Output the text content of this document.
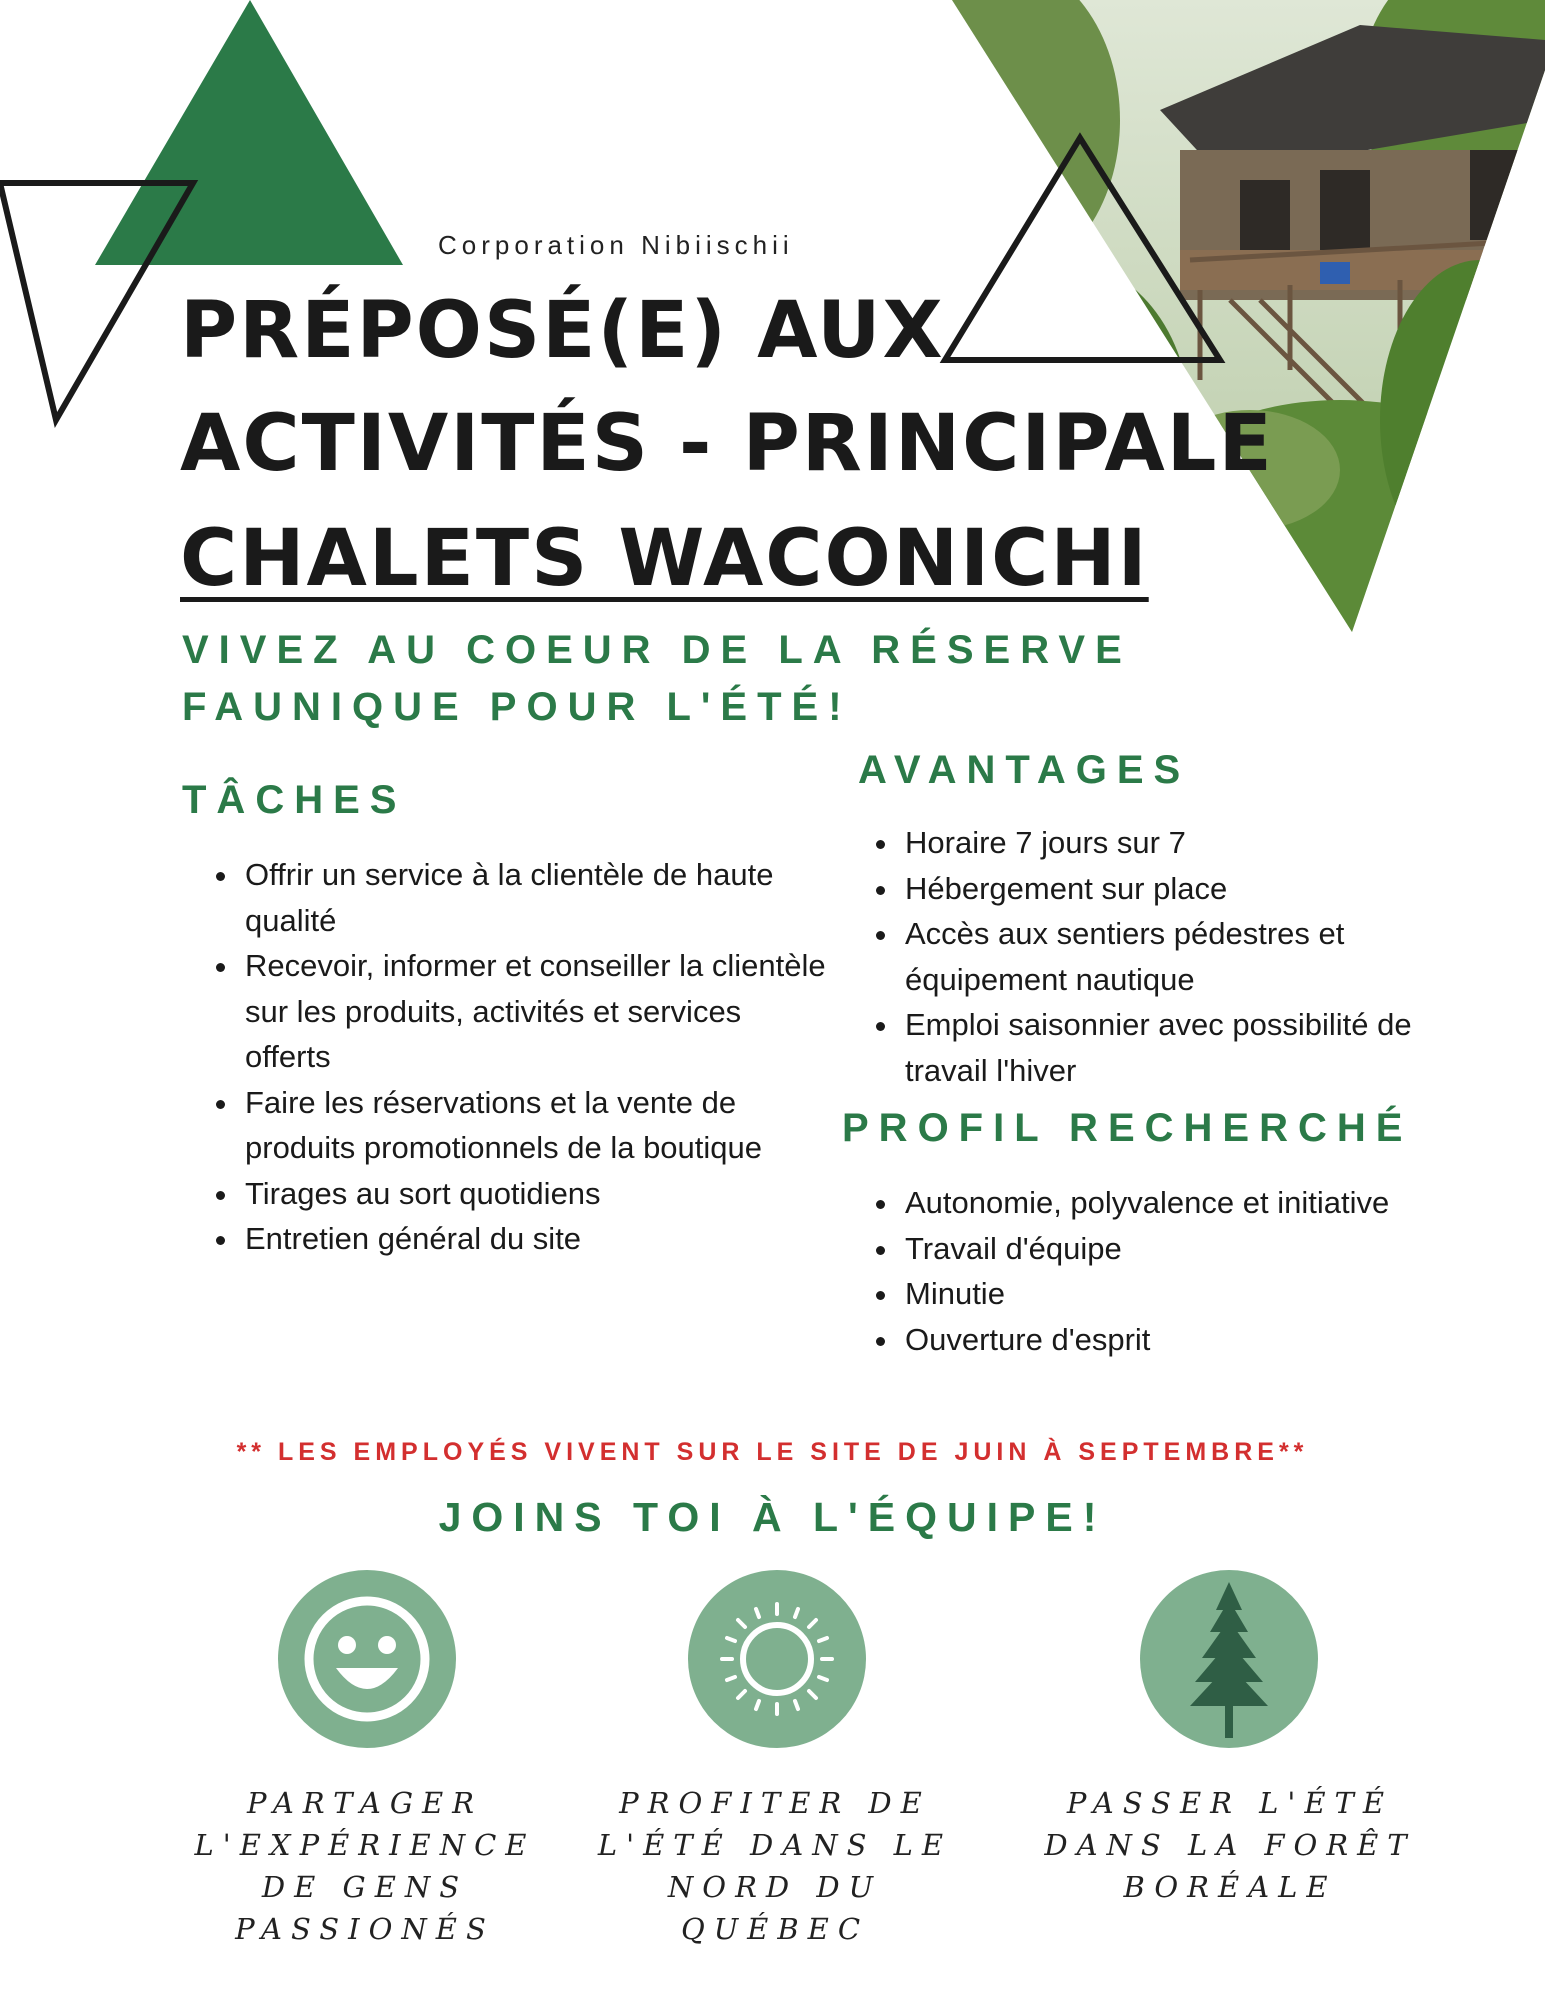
Corporation Nibiischii
PRÉPOSÉ(E) AUX
ACTIVITÉS - PRINCIPALE
CHALETS WACONICHI
VIVEZ AU COEUR DE LA RÉSERVE FAUNIQUE POUR L'ÉTÉ!
TÂCHES
• Offrir un service à la clientèle de haute qualité
• Recevoir, informer et conseiller la clientèle sur les produits, activités et services offerts
• Faire les réservations et la vente de produits promotionnels de la boutique
• Tirages au sort quotidiens
• Entretien général du site
AVANTAGES
• Horaire 7 jours sur 7
• Hébergement sur place
• Accès aux sentiers pédestres et équipement nautique
• Emploi saisonnier avec possibilité de travail l'hiver
PROFIL RECHERCHÉ
• Autonomie, polyvalence et initiative
• Travail d'équipe
• Minutie
• Ouverture d'esprit
** LES EMPLOYÉS VIVENT SUR LE SITE DE JUIN À SEPTEMBRE**
JOINS TOI À L'ÉQUIPE!
PARTAGER L'EXPÉRIENCE DE GENS PASSIONÉS
PROFITER DE L'ÉTÉ DANS LE NORD DU QUÉBEC
PASSER L'ÉTÉ DANS LA FORÊT BORÉALE
